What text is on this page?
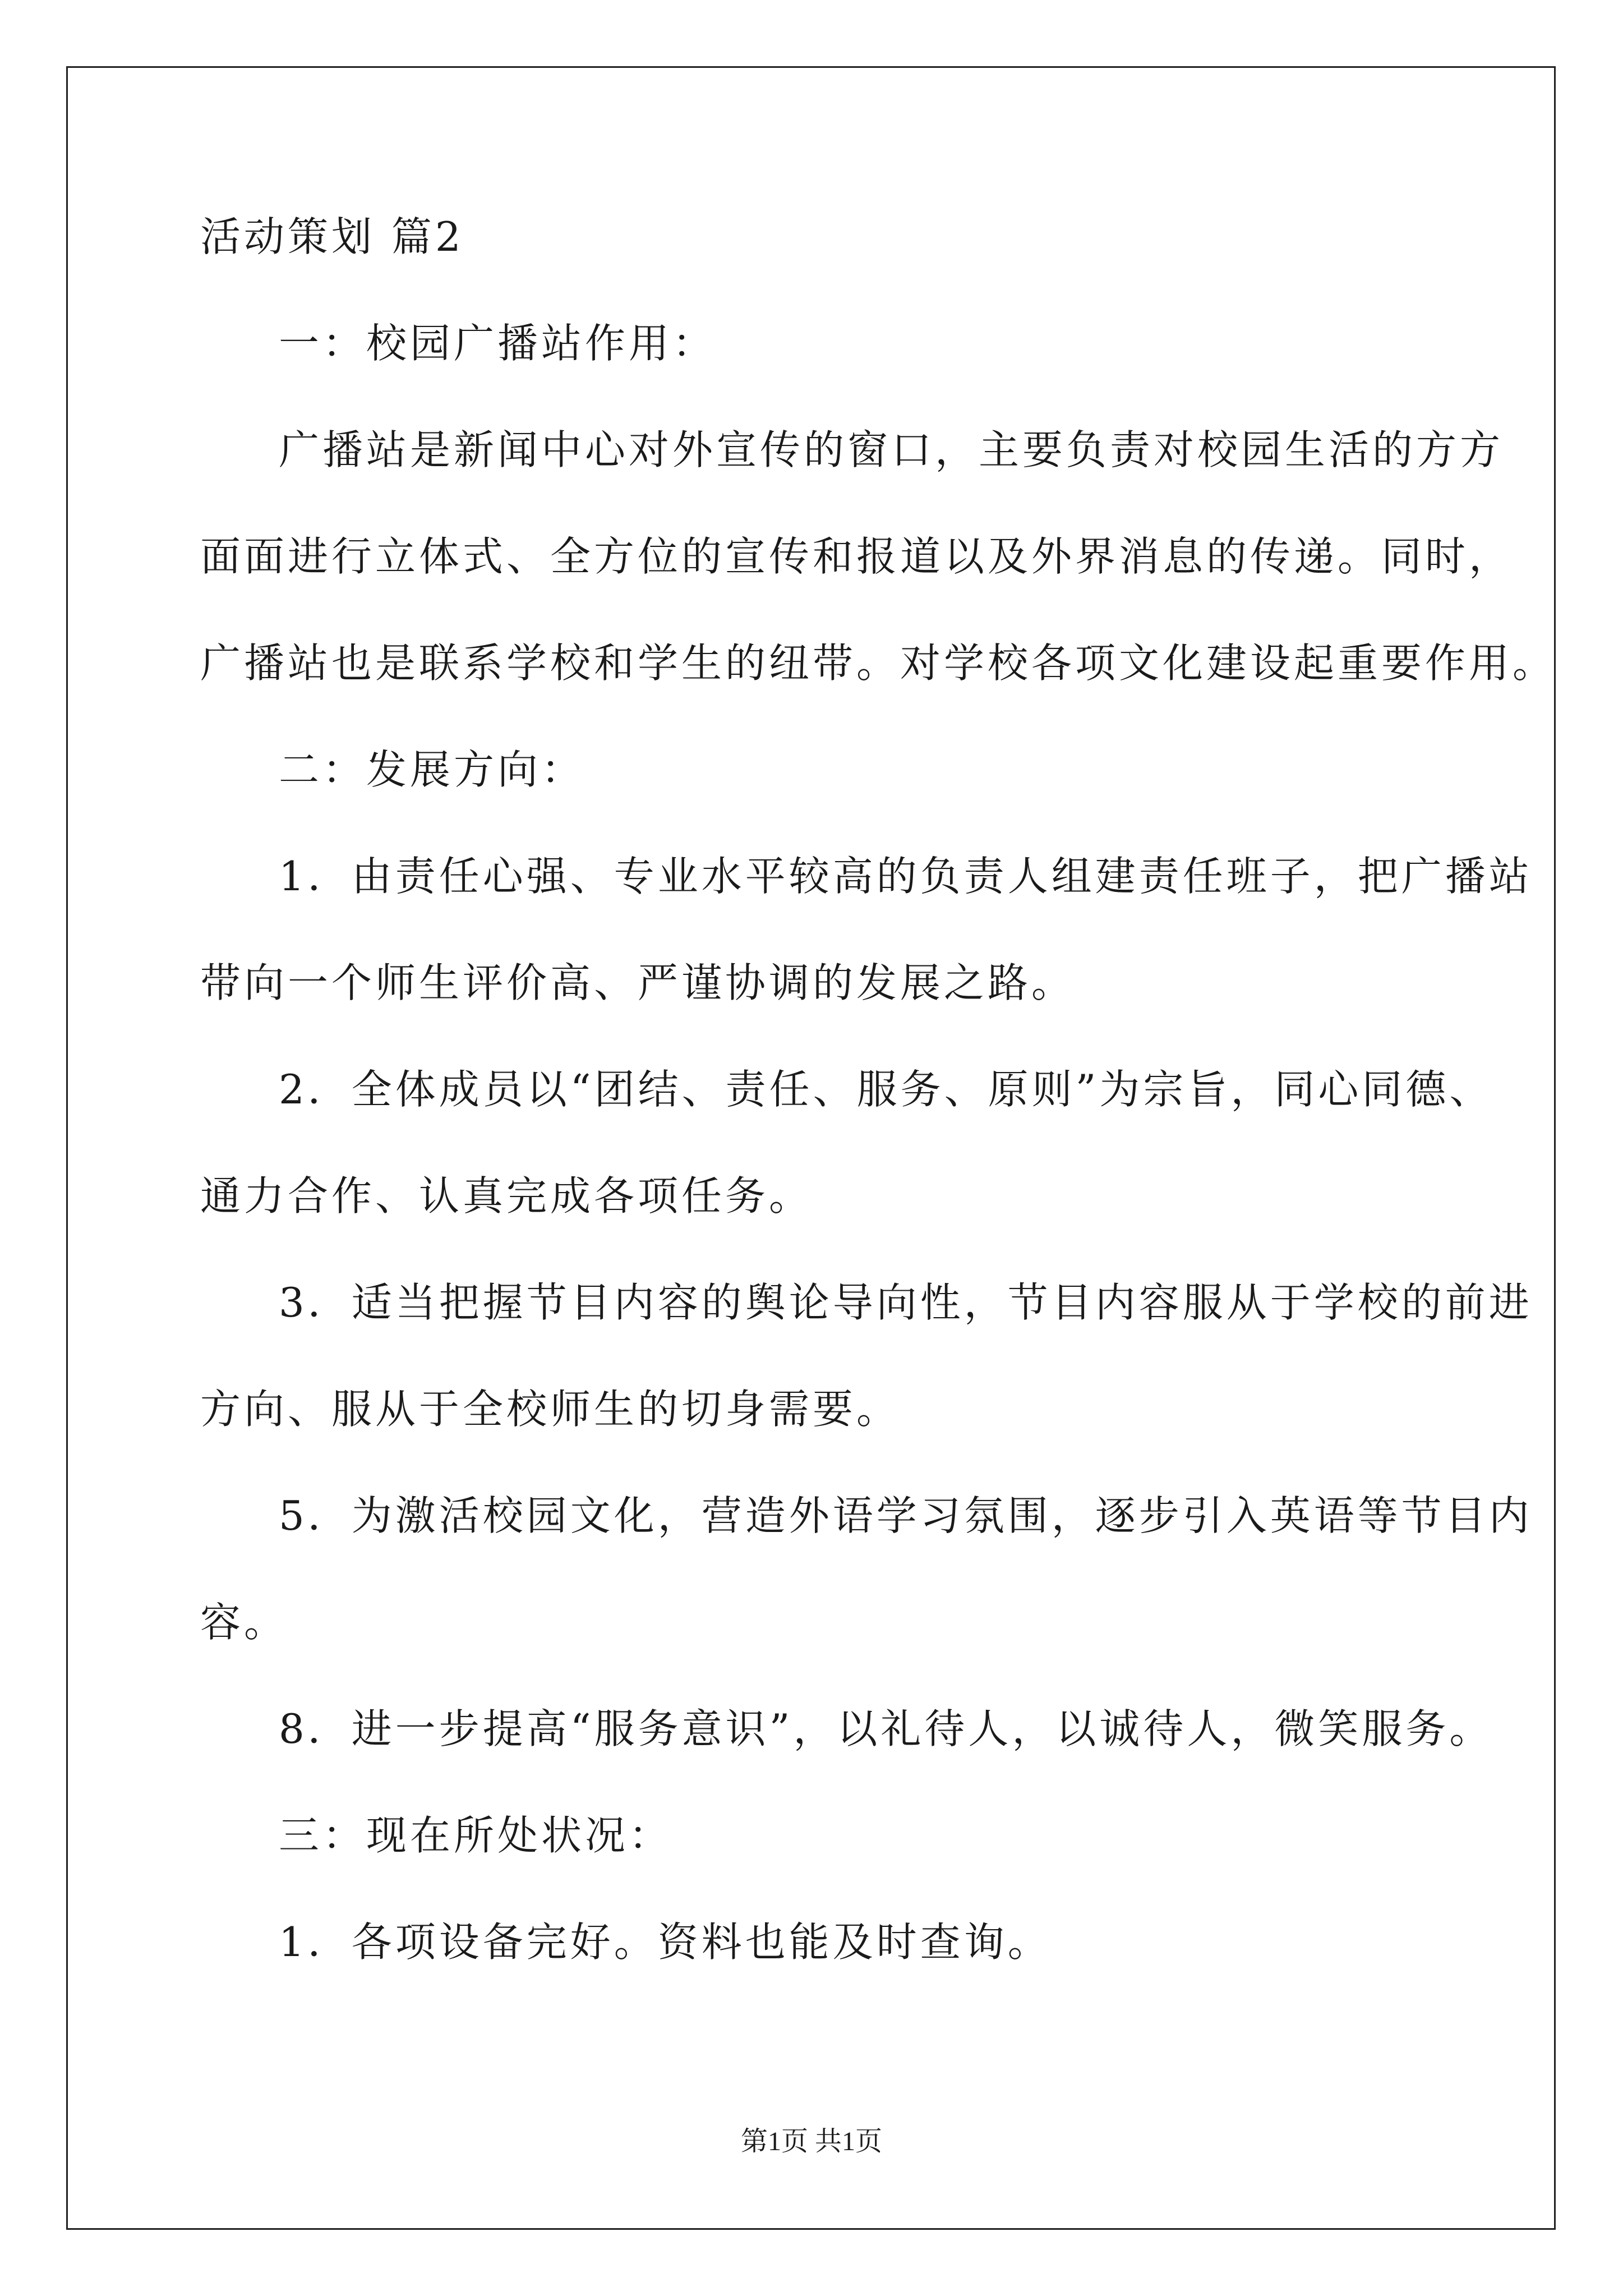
活动策划 篇2
一：校园广播站作用：
广播站是新闻中心对外宣传的窗口，主要负责对校园生活的方方
面面进行立体式、全方位的宣传和报道以及外界消息的传递。同时，
广播站也是联系学校和学生的纽带。对学校各项文化建设起重要作用。
二：发展方向：
1．由责任心强、专业水平较高的负责人组建责任班子，把广播站
带向一个师生评价高、严谨协调的发展之路。
2．全体成员以“团结、责任、服务、原则”为宗旨，同心同德、
通力合作、认真完成各项任务。
3．适当把握节目内容的舆论导向性，节目内容服从于学校的前进
方向、服从于全校师生的切身需要。
5．为激活校园文化，营造外语学习氛围，逐步引入英语等节目内
容。
8．进一步提高“服务意识”，以礼待人，以诚待人，微笑服务。
三：现在所处状况：
1．各项设备完好。资料也能及时查询。
第1页 共1页
